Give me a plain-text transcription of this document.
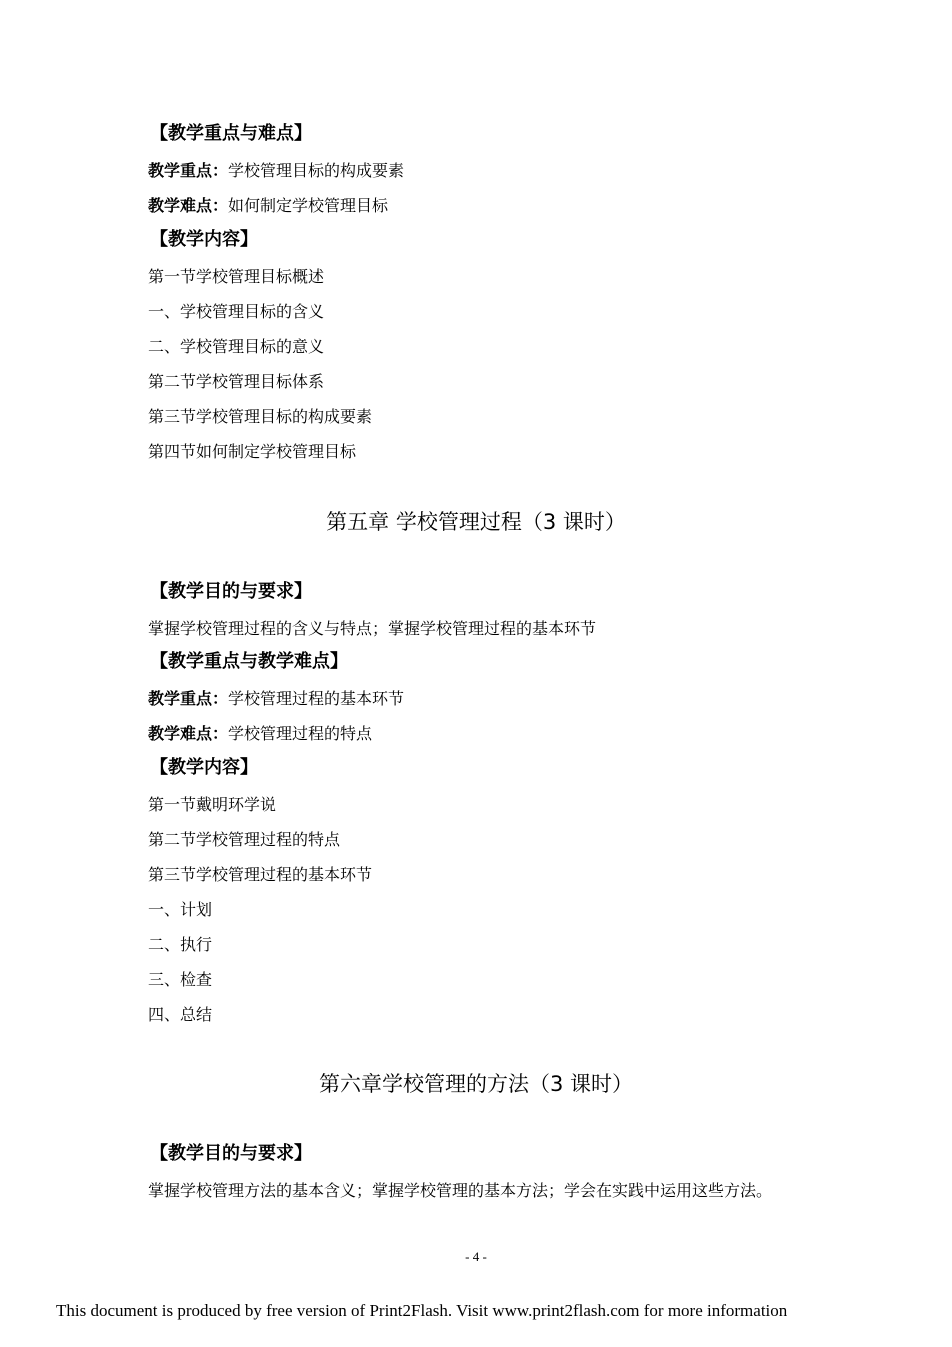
【教学重点与难点】
教学重点：学校管理目标的构成要素
教学难点：如何制定学校管理目标
【教学内容】
第一节学校管理目标概述
一、学校管理目标的含义
二、学校管理目标的意义
第二节学校管理目标体系
第三节学校管理目标的构成要素
第四节如何制定学校管理目标
第五章 学校管理过程（3 课时）
【教学目的与要求】
掌握学校管理过程的含义与特点；掌握学校管理过程的基本环节
【教学重点与教学难点】
教学重点：学校管理过程的基本环节
教学难点：学校管理过程的特点
【教学内容】
第一节戴明环学说
第二节学校管理过程的特点
第三节学校管理过程的基本环节
一、计划
二、执行
三、检查
四、总结
第六章学校管理的方法（3 课时）
【教学目的与要求】
掌握学校管理方法的基本含义；掌握学校管理的基本方法；学会在实践中运用这些方法。
- 4 -
This document is produced by free version of Print2Flash. Visit www.print2flash.com for more information
